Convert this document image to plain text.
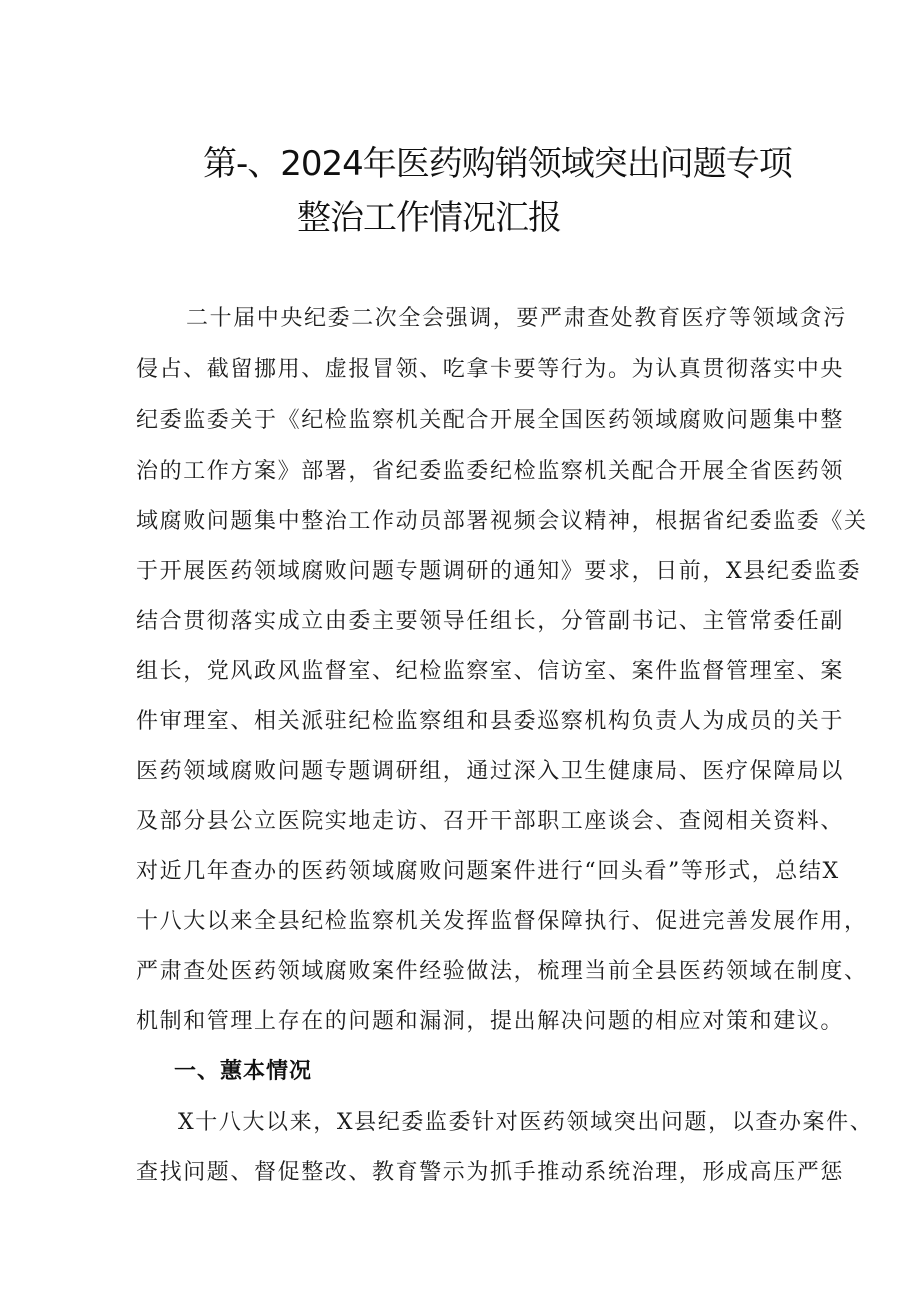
第-、2024年医药购销领域突出问题专项
整治工作情况汇报
二十届中央纪委二次全会强调，要严肃查处教育医疗等领域贪污
侵占、截留挪用、虚报冒领、吃拿卡要等行为。为认真贯彻落实中央
纪委监委关于《纪检监察机关配合开展全国医药领域腐败问题集中整
治的工作方案》部署，省纪委监委纪检监察机关配合开展全省医药领
域腐败问题集中整治工作动员部署视频会议精神，根据省纪委监委《关
于开展医药领域腐败问题专题调研的通知》要求，日前，X县纪委监委
结合贯彻落实成立由委主要领导任组长，分管副书记、主管常委任副
组长，党风政风监督室、纪检监察室、信访室、案件监督管理室、案
件审理室、相关派驻纪检监察组和县委巡察机构负责人为成员的关于
医药领域腐败问题专题调研组，通过深入卫生健康局、医疗保障局以
及部分县公立医院实地走访、召开干部职工座谈会、查阅相关资料、
对近几年查办的医药领域腐败问题案件进行“回头看”等形式，总结X
十八大以来全县纪检监察机关发挥监督保障执行、促进完善发展作用，
严肃查处医药领域腐败案件经验做法，梳理当前全县医药领域在制度、
机制和管理上存在的问题和漏洞，提出解决问题的相应对策和建议。
一、蕙本情况
X十八大以来，X县纪委监委针对医药领域突出问题，以查办案件、
查找问题、督促整改、教育警示为抓手推动系统治理，形成高压严惩
